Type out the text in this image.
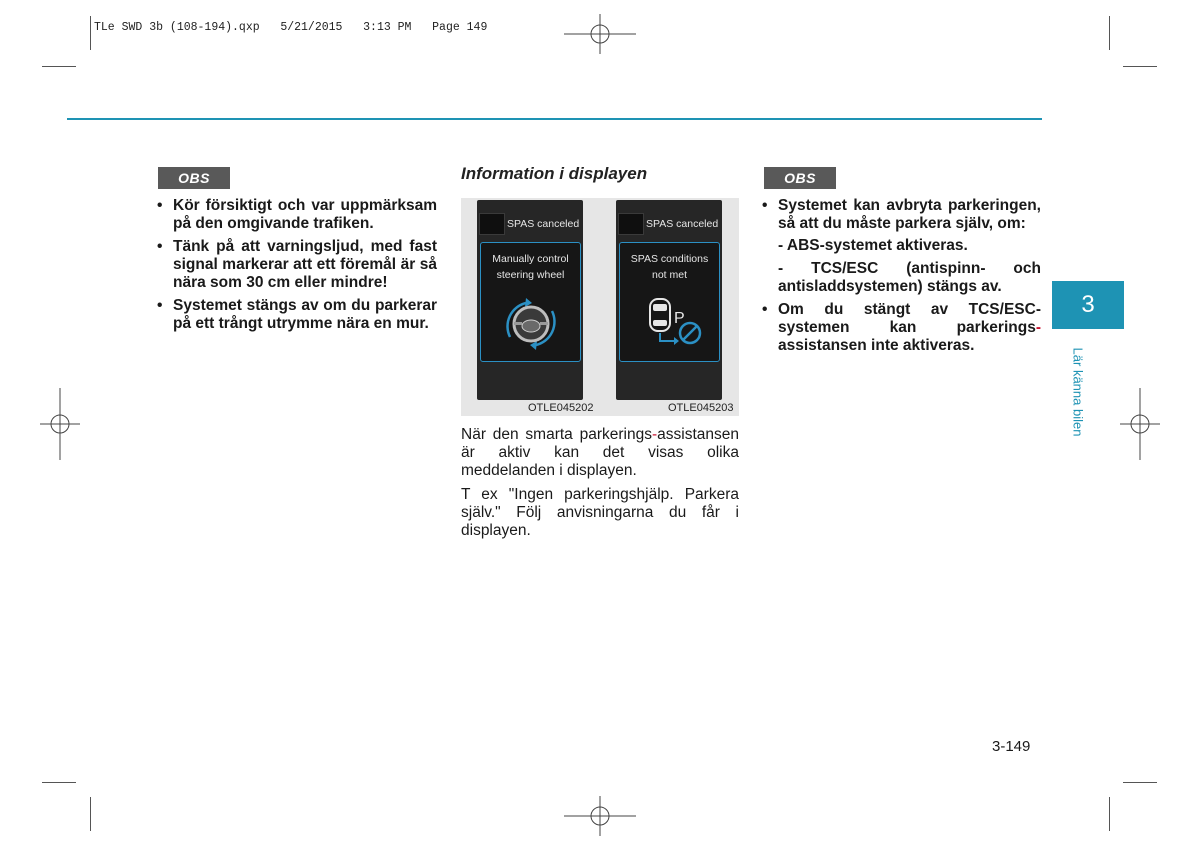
TLe SWD 3b (108-194).qxp   5/21/2015   3:13 PM   Page 149
OBS
• Kör försiktigt och var uppmärksam på den omgivande trafiken.
• Tänk på att varningsljud, med fast signal markerar att ett föremål är så nära som 30 cm eller mindre!
• Systemet stängs av om du parkerar på ett trångt utrymme nära en mur.
Information i displayen
SPAS canceled
Manually control
steering wheel
SPAS canceled
SPAS conditions
not met
P
OTLE045202	OTLE045203

När den smarta parkerings-assistansen är aktiv kan det visas olika meddelanden i displayen.

T ex "Ingen parkeringshjälp. Parkera själv." Följ anvisningarna du får i displayen.

OBS
• Systemet kan avbryta parkeringen, så att du måste parkera själv, om:
- ABS-systemet aktiveras.
- TCS/ESC (antispinn- och antisladdsystemen) stängs av.
• Om du stängt av TCS/ESC-systemen kan parkerings-assistansen inte aktiveras.
3
Lär känna bilen
3-149
